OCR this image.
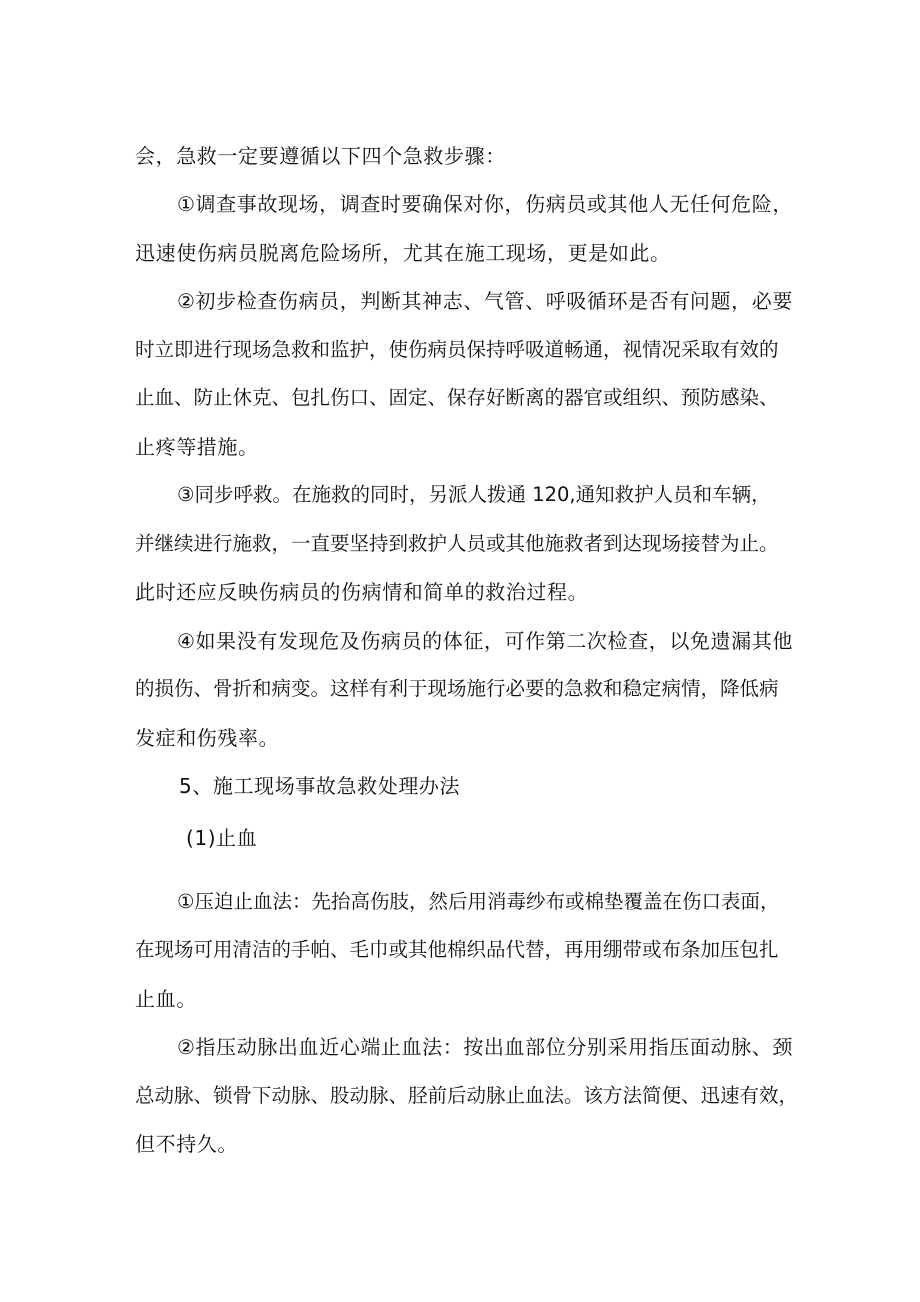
会，急救一定要遵循以下四个急救步骤：
①调查事故现场，调查时要确保对你，伤病员或其他人无任何危险，
迅速使伤病员脱离危险场所，尤其在施工现场，更是如此。
②初步检查伤病员，判断其神志、气管、呼吸循环是否有问题，必要
时立即进行现场急救和监护，使伤病员保持呼吸道畅通，视情况采取有效的
止血、防止休克、包扎伤口、固定、保存好断离的器官或组织、预防感染、
止疼等措施。
③同步呼救。在施救的同时，另派人拨通 120,通知救护人员和车辆，
并继续进行施救，一直要坚持到救护人员或其他施救者到达现场接替为止。
此时还应反映伤病员的伤病情和简单的救治过程。
④如果没有发现危及伤病员的体征，可作第二次检查，以免遗漏其他
的损伤、骨折和病变。这样有利于现场施行必要的急救和稳定病情，降低病
发症和伤残率。
5、施工现场事故急救处理办法
(1)止血
①压迫止血法：先抬高伤肢，然后用消毒纱布或棉垫覆盖在伤口表面，
在现场可用清洁的手帕、毛巾或其他棉织品代替，再用绷带或布条加压包扎
止血。
②指压动脉出血近心端止血法：按出血部位分别采用指压面动脉、颈
总动脉、锁骨下动脉、股动脉、胫前后动脉止血法。该方法简便、迅速有效，
但不持久。
